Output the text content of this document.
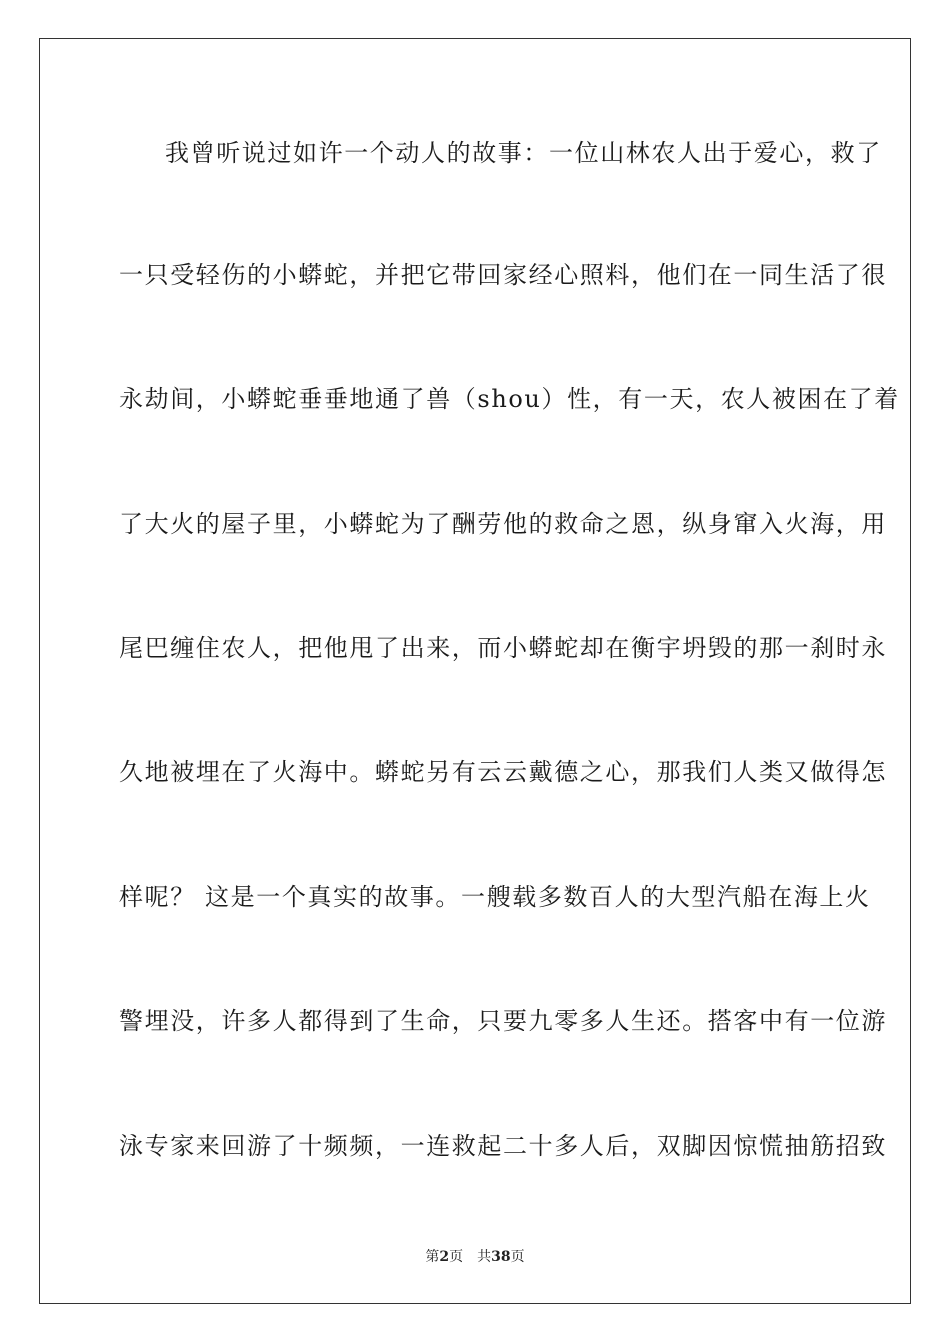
我曾听说过如许一个动人的故事：一位山林农人出于爱心，救了
一只受轻伤的小蟒蛇，并把它带回家经心照料，他们在一同生活了很
永劫间，小蟒蛇垂垂地通了兽（shou）性，有一天，农人被困在了着
了大火的屋子里，小蟒蛇为了酬劳他的救命之恩，纵身窜入火海，用
尾巴缠住农人，把他甩了出来，而小蟒蛇却在衡宇坍毁的那一刹时永
久地被埋在了火海中。蟒蛇另有云云戴德之心，那我们人类又做得怎
样呢？ 这是一个真实的故事。一艘载多数百人的大型汽船在海上火
警埋没，许多人都得到了生命，只要九零多人生还。搭客中有一位游
泳专家来回游了十频频，一连救起二十多人后，双脚因惊慌抽筋招致
第2页 共38页
